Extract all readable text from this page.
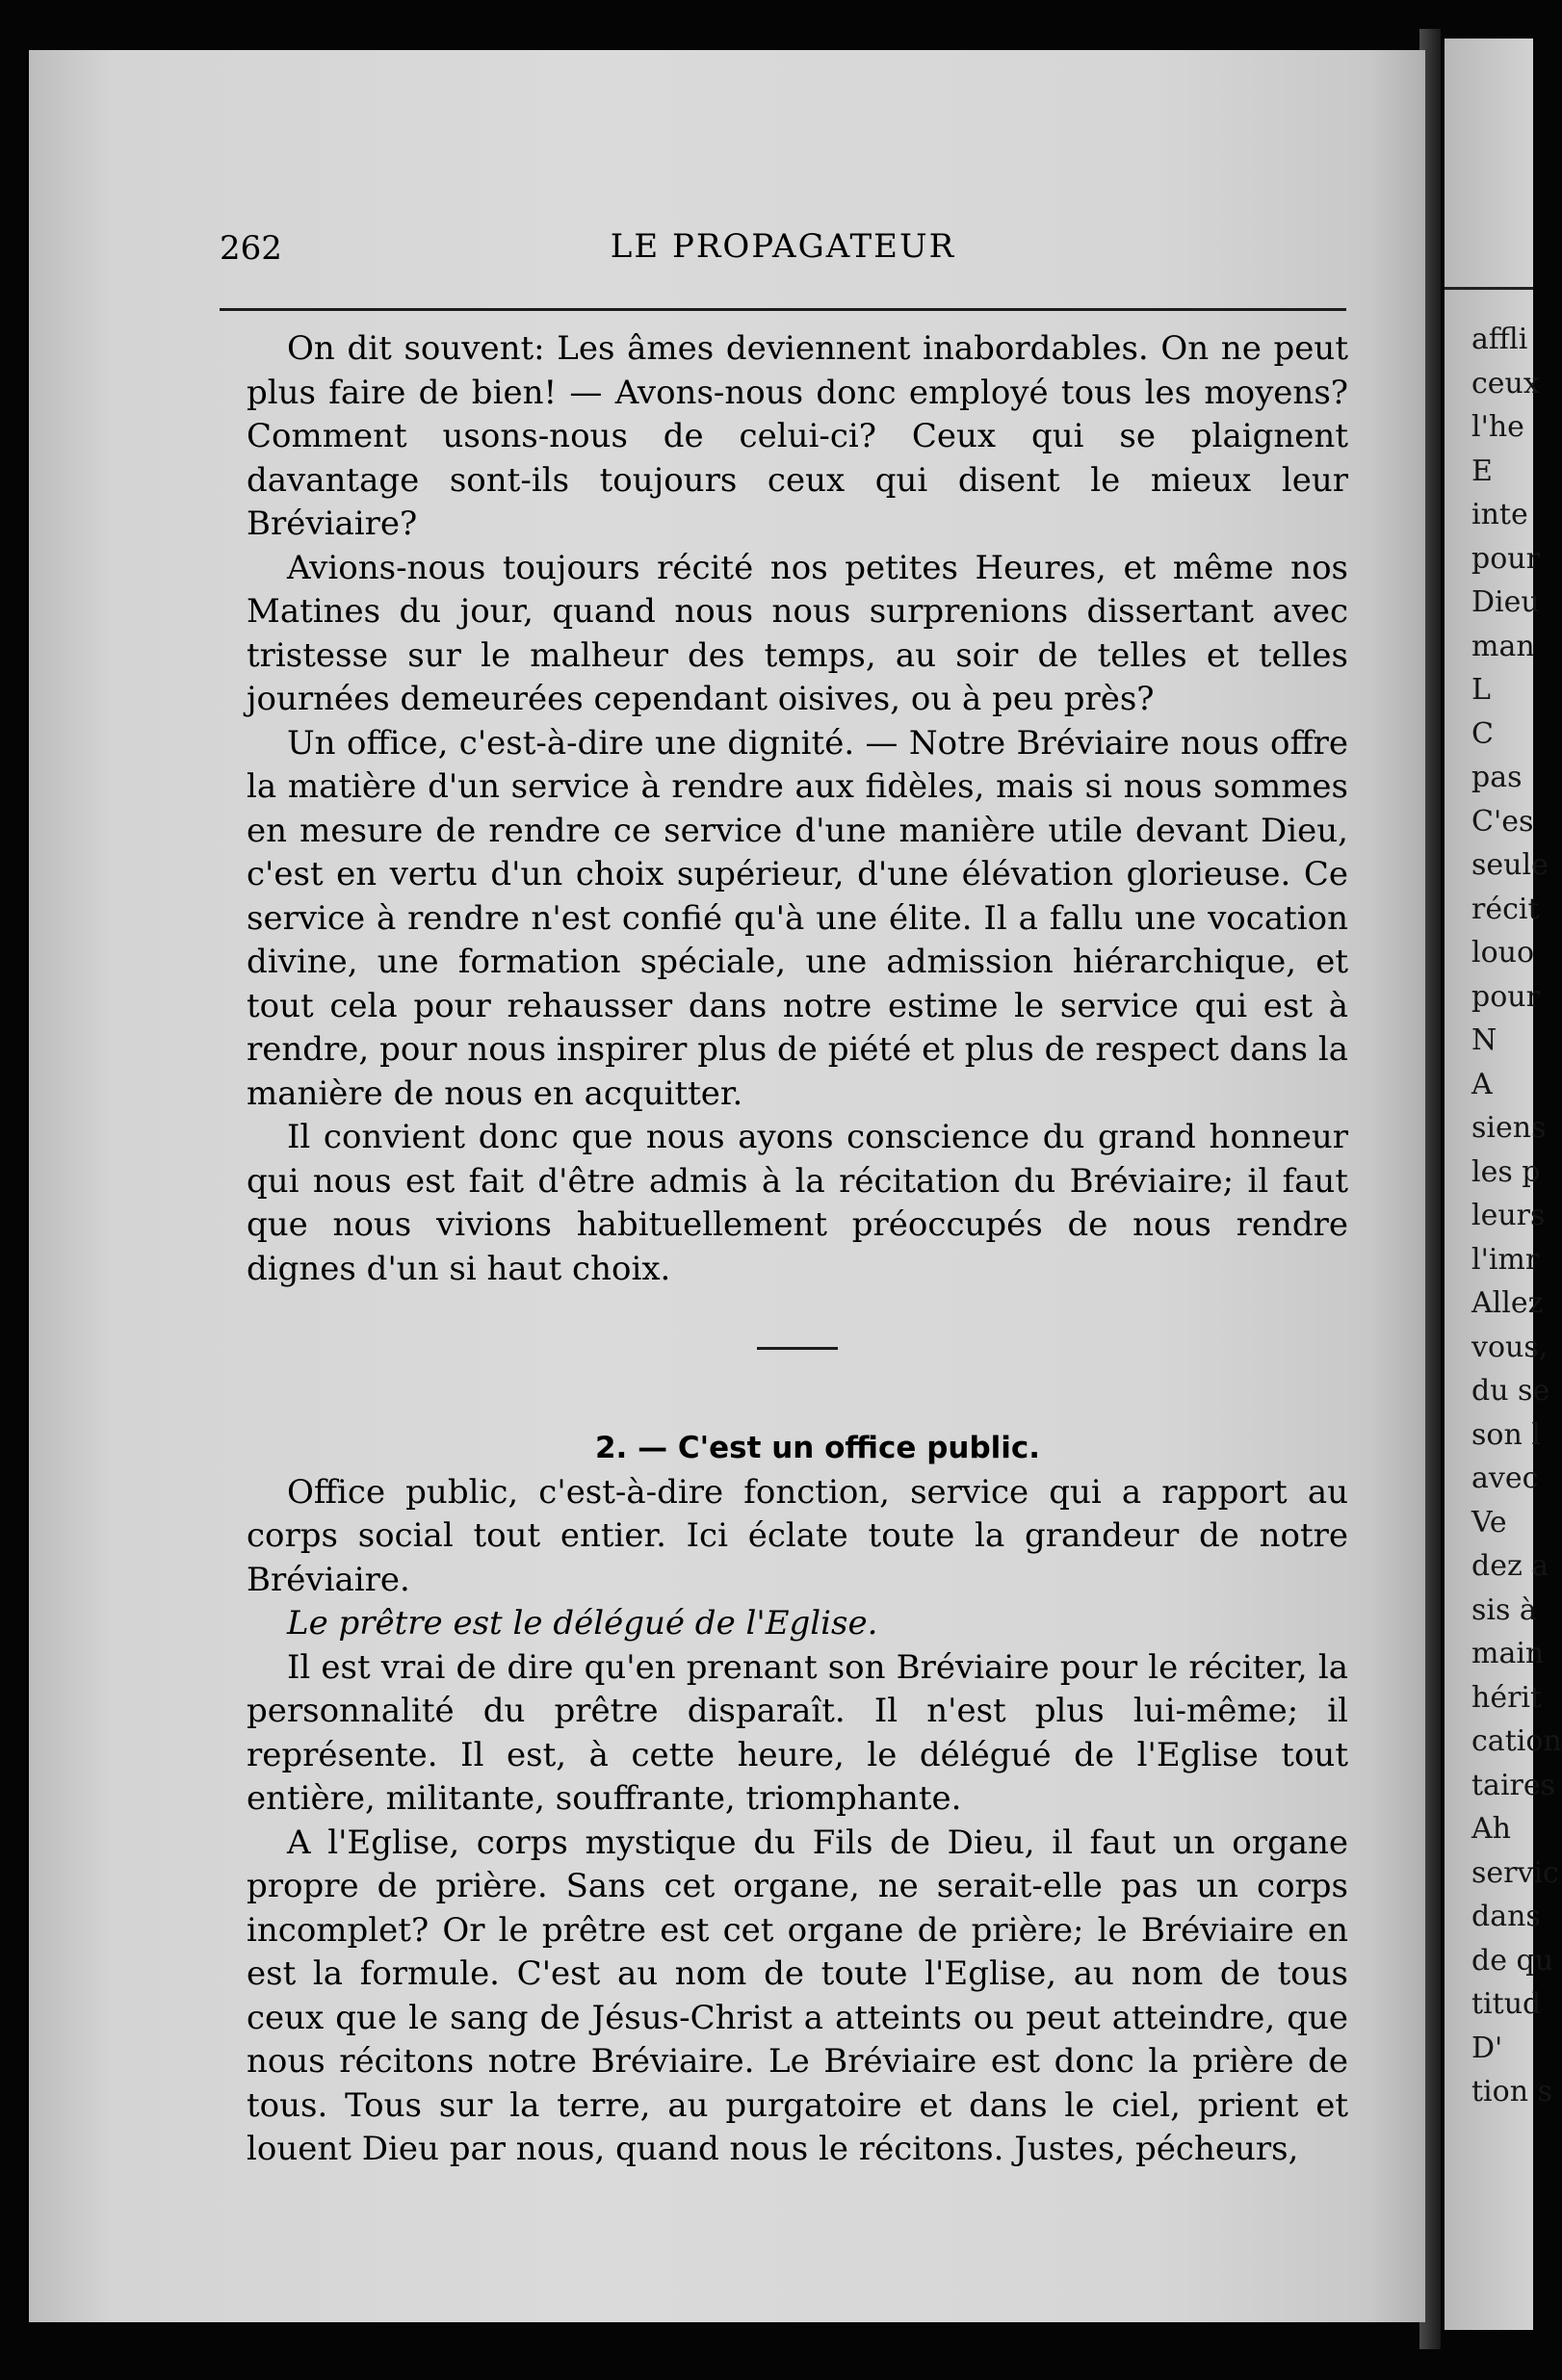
affli
ceux
l'he
E
inte
pour
Dieu
man
L
C
pas
C'es
seule
récit
louo
pour
N
A
siens
les p
leurs
l'imr
Allez
vous,
du se
son l
avec
Ve
dez a
sis à
main
hérit
cation
taires
Ah
servic
dans
de qu
titud
D'
tion s
262	LE PROPAGATEUR

On dit souvent: Les âmes deviennent inabordables. On ne peut plus faire de bien! — Avons-nous donc employé tous les moyens? Comment usons-nous de celui-ci? Ceux qui se plaignent davantage sont-ils toujours ceux qui disent le mieux leur Bréviaire?

Avions-nous toujours récité nos petites Heures, et même nos Matines du jour, quand nous nous surprenions dissertant avec tristesse sur le malheur des temps, au soir de telles et telles journées demeurées cependant oisives, ou à peu près?

Un office, c'est-à-dire une dignité. — Notre Bréviaire nous offre la matière d'un service à rendre aux fidèles, mais si nous sommes en mesure de rendre ce service d'une manière utile devant Dieu, c'est en vertu d'un choix supérieur, d'une élévation glorieuse. Ce service à rendre n'est confié qu'à une élite. Il a fallu une vocation divine, une formation spéciale, une admission hiérarchique, et tout cela pour rehausser dans notre estime le service qui est à rendre, pour nous inspirer plus de piété et plus de respect dans la manière de nous en acquitter.

Il convient donc que nous ayons conscience du grand honneur qui nous est fait d'être admis à la récitation du Bréviaire; il faut que nous vivions habituellement préoccupés de nous rendre dignes d'un si haut choix.

2. — C'est un office public.

Office public, c'est-à-dire fonction, service qui a rapport au corps social tout entier. Ici éclate toute la grandeur de notre Bréviaire.

Le prêtre est le délégué de l'Eglise.

Il est vrai de dire qu'en prenant son Bréviaire pour le réciter, la personnalité du prêtre disparaît. Il n'est plus lui-même; il représente. Il est, à cette heure, le délégué de l'Eglise tout entière, militante, souffrante, triomphante.

A l'Eglise, corps mystique du Fils de Dieu, il faut un organe propre de prière. Sans cet organe, ne serait-elle pas un corps incomplet? Or le prêtre est cet organe de prière; le Bréviaire en est la formule. C'est au nom de toute l'Eglise, au nom de tous ceux que le sang de Jésus-Christ a atteints ou peut atteindre, que nous récitons notre Bréviaire. Le Bréviaire est donc la prière de tous. Tous sur la terre, au purgatoire et dans le ciel, prient et louent Dieu par nous, quand nous le récitons. Justes, pécheurs,
